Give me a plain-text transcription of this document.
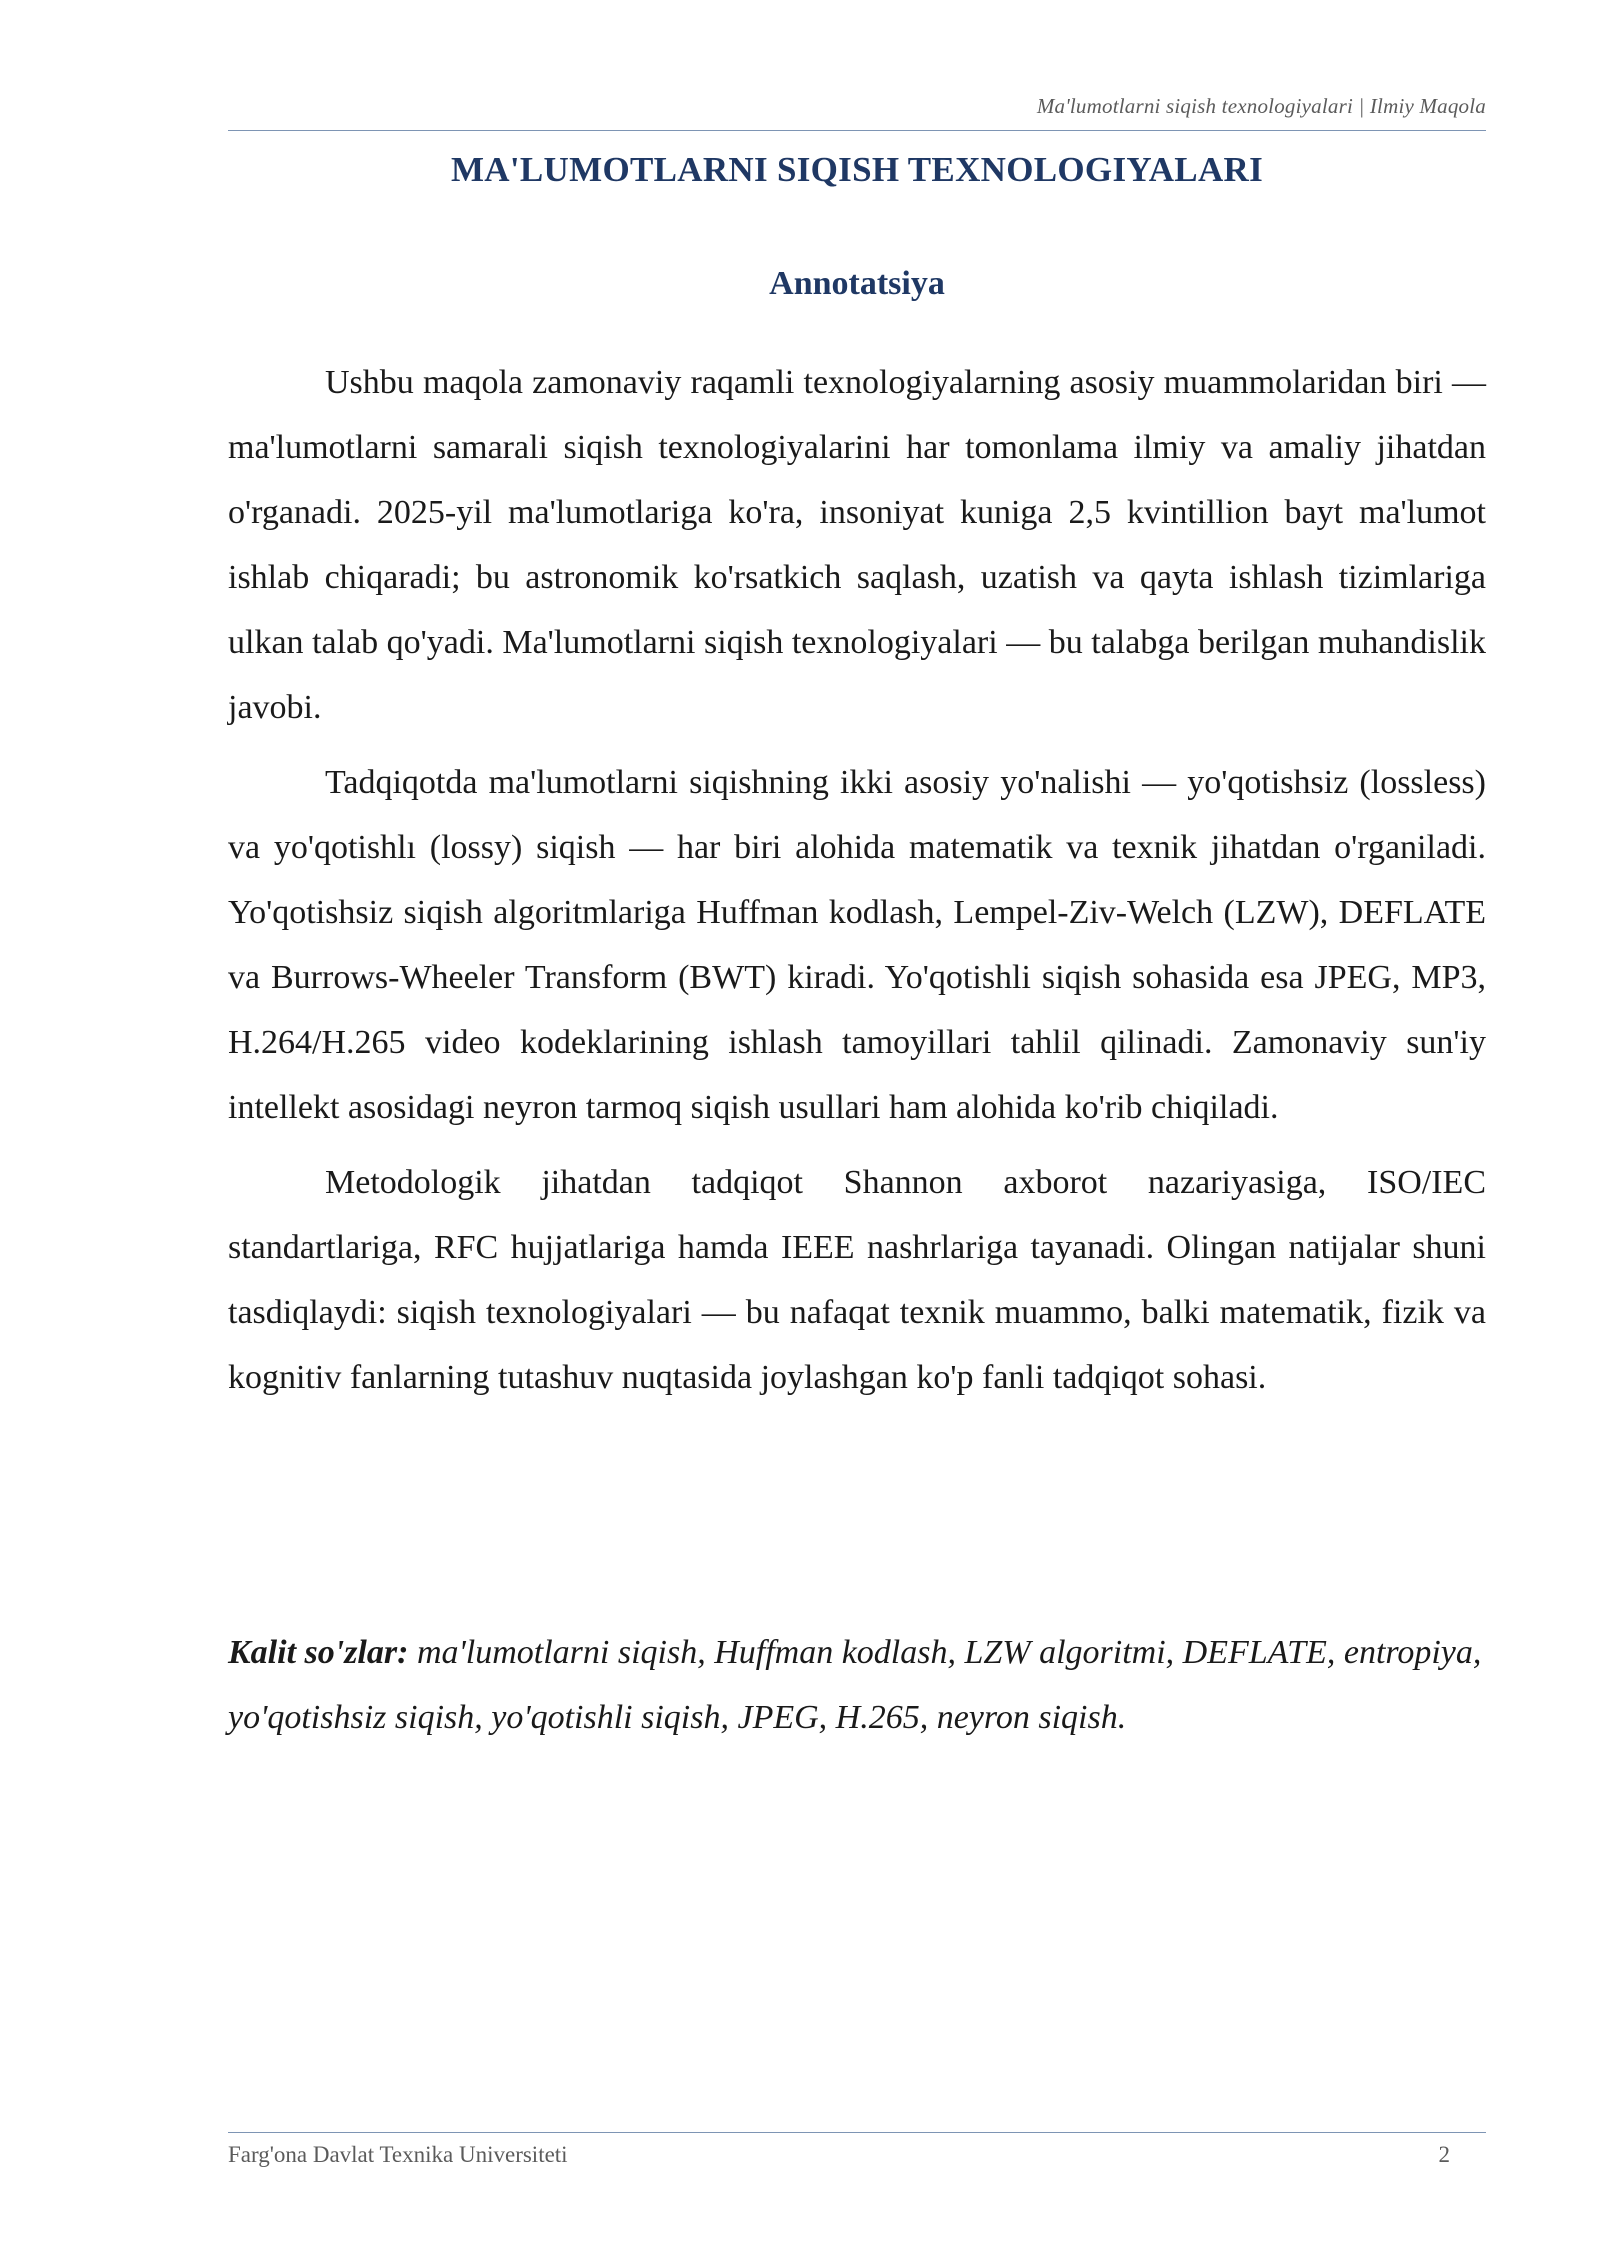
Ma'lumotlarni siqish texnologiyalari | Ilmiy Maqola
MA'LUMOTLARNI SIQISH TEXNOLOGIYALARI
Annotatsiya

Ushbu maqola zamonaviy raqamli texnologiyalarning asosiy muammolaridan biri — ma'lumotlarni samarali siqish texnologiyalarini har tomonlama ilmiy va amaliy jihatdan o'rganadi. 2025-yil ma'lumotlariga ko'ra, insoniyat kuniga 2,5 kvintillion bayt ma'lumot ishlab chiqaradi; bu astronomik ko'rsatkich saqlash, uzatish va qayta ishlash tizimlariga ulkan talab qo'yadi. Ma'lumotlarni siqish texnologiyalari — bu talabga berilgan muhandislik javobi.

Tadqiqotda ma'lumotlarni siqishning ikki asosiy yo'nalishi — yo'qotishsiz (lossless) va yo'qotishlı (lossy) siqish — har biri alohida matematik va texnik jihatdan o'rganiladi. Yo'qotishsiz siqish algoritmlariga Huffman kodlash, Lempel-Ziv-Welch (LZW), DEFLATE va Burrows-Wheeler Transform (BWT) kiradi. Yo'qotishli siqish sohasida esa JPEG, MP3, H.264/H.265 video kodeklarining ishlash tamoyillari tahlil qilinadi. Zamonaviy sun'iy intellekt asosidagi neyron tarmoq siqish usullari ham alohida ko'rib chiqiladi.

Metodologik jihatdan tadqiqot Shannon axborot nazariyasiga, ISO/IEC standartlariga, RFC hujjatlariga hamda IEEE nashrlariga tayanadi. Olingan natijalar shuni tasdiqlaydi: siqish texnologiyalari — bu nafaqat texnik muammo, balki matematik, fizik va kognitiv fanlarning tutashuv nuqtasida joylashgan ko'p fanli tadqiqot sohasi.

Kalit so'zlar: ma'lumotlarni siqish, Huffman kodlash, LZW algoritmi, DEFLATE, entropiya, yo'qotishsiz siqish, yo'qotishli siqish, JPEG, H.265, neyron siqish.
Farg'ona Davlat Texnika Universiteti	2
